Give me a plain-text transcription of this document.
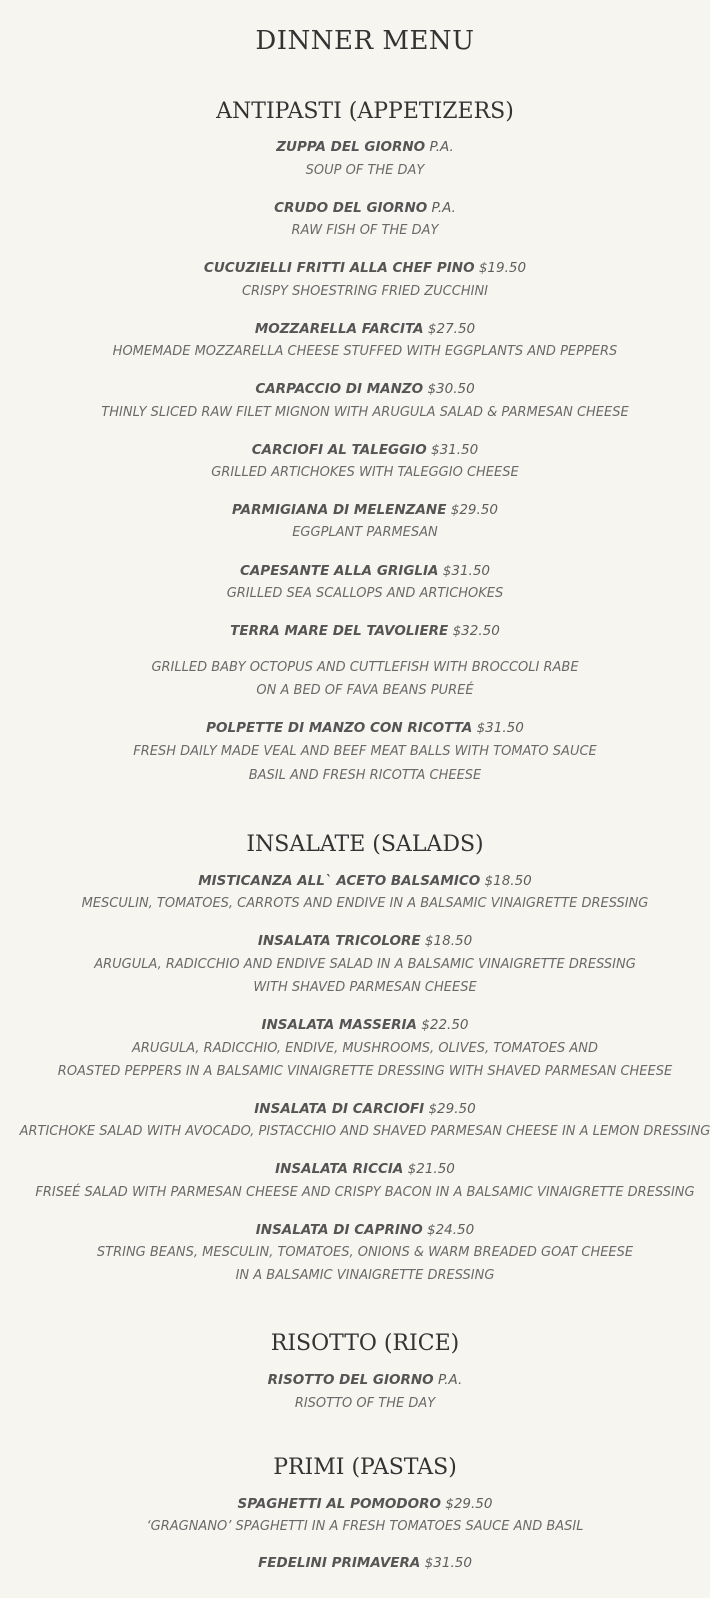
DINNER MENU
ANTIPASTI (APPETIZERS)
ZUPPA DEL GIORNO P.A.
SOUP OF THE DAY
CRUDO DEL GIORNO P.A.
RAW FISH OF THE DAY
CUCUZIELLI FRITTI ALLA CHEF PINO $19.50
CRISPY SHOESTRING FRIED ZUCCHINI
MOZZARELLA FARCITA $27.50
HOMEMADE MOZZARELLA CHEESE STUFFED WITH EGGPLANTS AND PEPPERS
CARPACCIO DI MANZO $30.50
THINLY SLICED RAW FILET MIGNON WITH ARUGULA SALAD & PARMESAN CHEESE
CARCIOFI AL TALEGGIO $31.50
GRILLED ARTICHOKES WITH TALEGGIO CHEESE
PARMIGIANA DI MELENZANE $29.50
EGGPLANT PARMESAN
CAPESANTE ALLA GRIGLIA $31.50
GRILLED SEA SCALLOPS AND ARTICHOKES
TERRA MARE DEL TAVOLIERE $32.50
GRILLED BABY OCTOPUS AND CUTTLEFISH WITH BROCCOLI RABE
ON A BED OF FAVA BEANS PUREÉ
POLPETTE DI MANZO CON RICOTTA $31.50
FRESH DAILY MADE VEAL AND BEEF MEAT BALLS WITH TOMATO SAUCE
BASIL AND FRESH RICOTTA CHEESE
INSALATE (SALADS)
MISTICANZA ALL` ACETO BALSAMICO $18.50
MESCULIN, TOMATOES, CARROTS AND ENDIVE IN A BALSAMIC VINAIGRETTE DRESSING
INSALATA TRICOLORE $18.50
ARUGULA, RADICCHIO AND ENDIVE SALAD IN A BALSAMIC VINAIGRETTE DRESSING
WITH SHAVED PARMESAN CHEESE
INSALATA MASSERIA $22.50
ARUGULA, RADICCHIO, ENDIVE, MUSHROOMS, OLIVES, TOMATOES AND
ROASTED PEPPERS IN A BALSAMIC VINAIGRETTE DRESSING WITH SHAVED PARMESAN CHEESE
INSALATA DI CARCIOFI $29.50
ARTICHOKE SALAD WITH AVOCADO, PISTACCHIO AND SHAVED PARMESAN CHEESE IN A LEMON DRESSING
INSALATA RICCIA $21.50
FRISEÉ SALAD WITH PARMESAN CHEESE AND CRISPY BACON IN A BALSAMIC VINAIGRETTE DRESSING
INSALATA DI CAPRINO $24.50
STRING BEANS, MESCULIN, TOMATOES, ONIONS & WARM BREADED GOAT CHEESE
IN A BALSAMIC VINAIGRETTE DRESSING
RISOTTO (RICE)
RISOTTO DEL GIORNO P.A.
RISOTTO OF THE DAY
PRIMI (PASTAS)
SPAGHETTI AL POMODORO $29.50
‘GRAGNANO’ SPAGHETTI IN A FRESH TOMATOES SAUCE AND BASIL
FEDELINI PRIMAVERA $31.50
